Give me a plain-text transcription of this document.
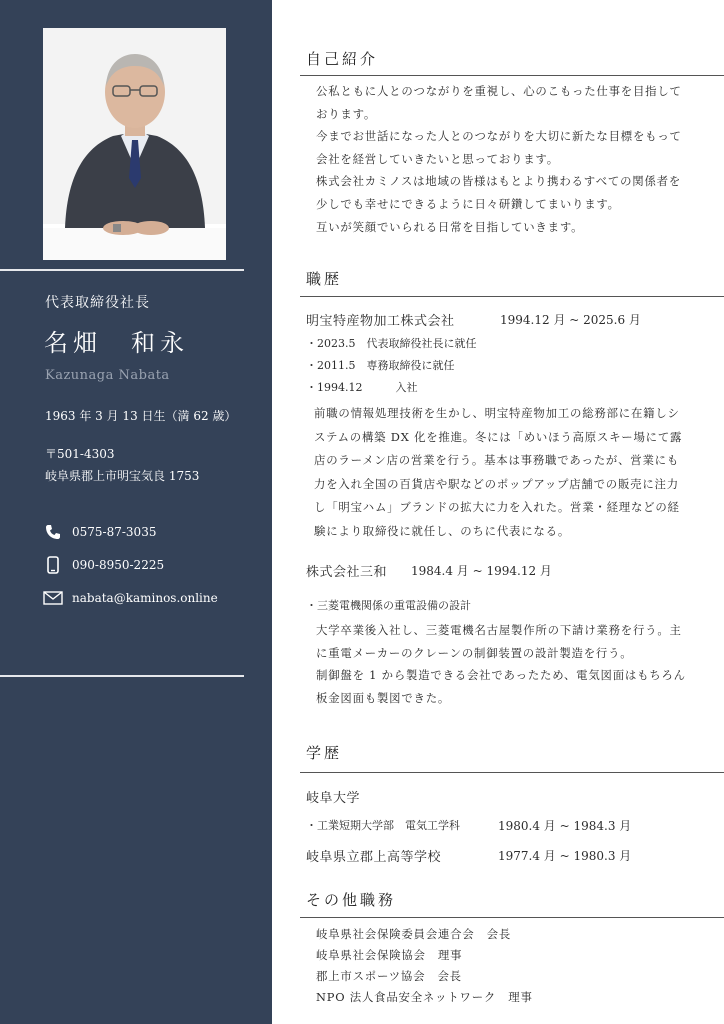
代表取締役社長
名畑　和永
Kazunaga Nabata
1963 年 3 月 13 日生（満 62 歳）
〒501-4303
岐阜県郡上市明宝気良 1753
0575-87-3035
090-8950-2225
nabata@kaminos.online
自己紹介
公私ともに人とのつながりを重視し、心のこもった仕事を目指して
おります。
今までお世話になった人とのつながりを大切に新たな目標をもって
会社を経営していきたいと思っております。
株式会社カミノスは地域の皆様はもとより携わるすべての関係者を
少しでも幸せにできるように日々研鑽してまいります。
互いが笑顔でいられる日常を目指していきます。
職歴
明宝特産物加工株式会社	1994.12 月 ~ 2025.6 月
・2023.5　代表取締役社長に就任
・2011.5　専務取締役に就任
・1994.12　　　入社
前職の情報処理技術を生かし、明宝特産物加工の総務部に在籍しシ
ステムの構築 DX 化を推進。冬には「めいほう高原スキー場にて露
店のラーメン店の営業を行う。基本は事務職であったが、営業にも
力を入れ全国の百貨店や駅などのポップアップ店舗での販売に注力
し「明宝ハム」ブランドの拡大に力を入れた。営業・経理などの経
験により取締役に就任し、のちに代表になる。
株式会社三和 1984.4 月 ~ 1994.12 月
・三菱電機関係の重電設備の設計
大学卒業後入社し、三菱電機名古屋製作所の下請け業務を行う。主
に重電メーカーのクレーンの制御装置の設計製造を行う。
制御盤を 1 から製造できる会社であったため、電気図面はもちろん
板金図面も製図できた。
学歴
岐阜大学
・工業短期大学部　電気工学科	1980.4 月 ~ 1984.3 月
岐阜県立郡上高等学校	1977.4 月 ~ 1980.3 月
その他職務
岐阜県社会保険委員会連合会　会長
岐阜県社会保険協会　理事
郡上市スポーツ協会　会長
NPO 法人食品安全ネットワーク　理事
